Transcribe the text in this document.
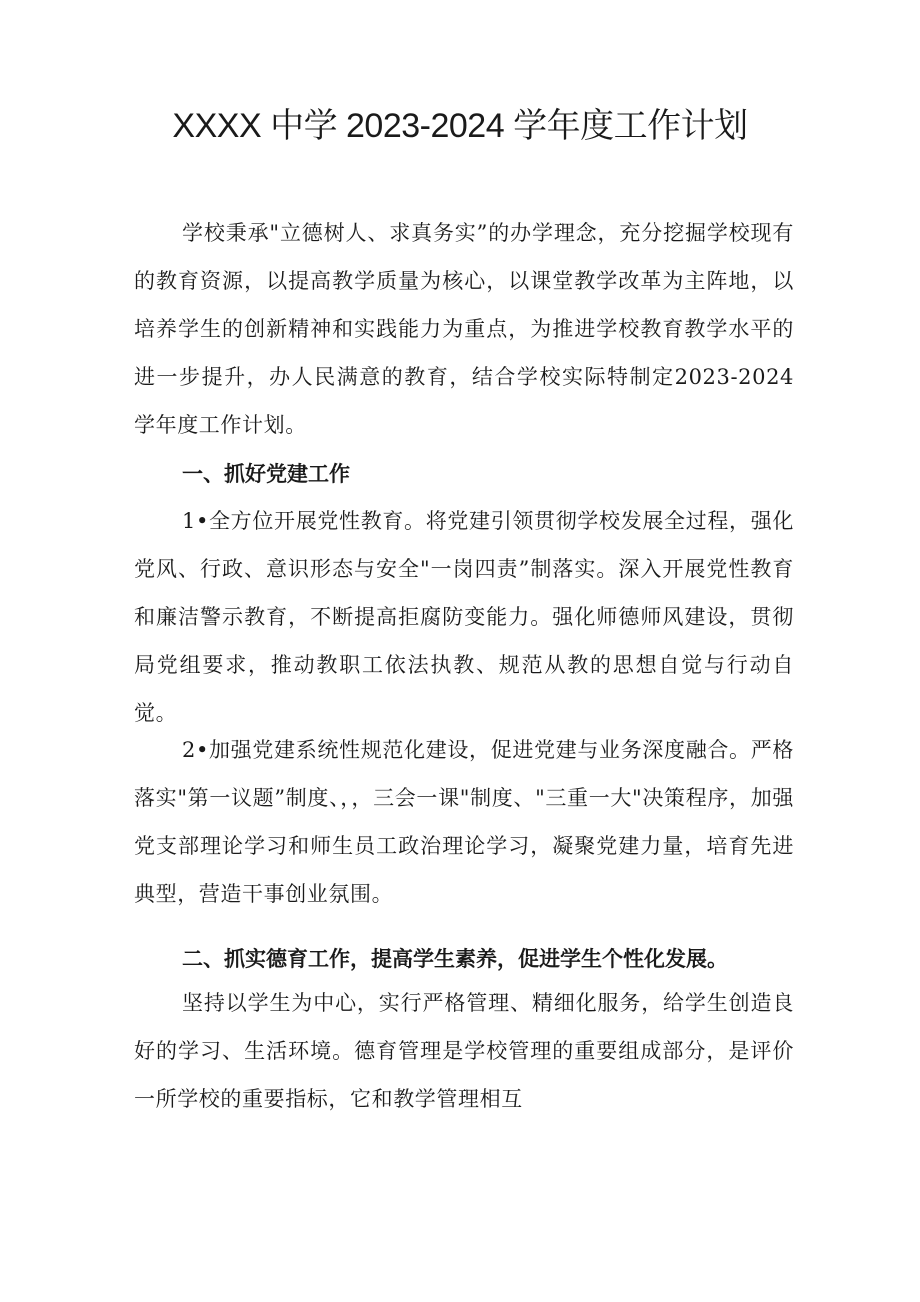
XXXX 中学 2023-2024 学年度工作计划

学校秉承"立德树人、求真务实”的办学理念，充分挖掘学校现有的教育资源，以提高教学质量为核心，以课堂教学改革为主阵地，以培养学生的创新精神和实践能力为重点，为推进学校教育教学水平的进一步提升，办人民满意的教育，结合学校实际特制定2023-2024 学年度工作计划。

一、抓好党建工作

1•全方位开展党性教育。将党建引领贯彻学校发展全过程，强化党风、行政、意识形态与安全"一岗四责”制落实。深入开展党性教育和廉洁警示教育，不断提高拒腐防变能力。强化师德师风建设，贯彻局党组要求，推动教职工依法执教、规范从教的思想自觉与行动自觉。

2•加强党建系统性规范化建设，促进党建与业务深度融合。严格落实"第一议题”制度、，，三会一课"制度、"三重一大"决策程序，加强党支部理论学习和师生员工政治理论学习，凝聚党建力量，培育先进典型，营造干事创业氛围。

二、抓实德育工作，提高学生素养，促进学生个性化发展。

坚持以学生为中心，实行严格管理、精细化服务，给学生创造良好的学习、生活环境。德育管理是学校管理的重要组成部分，是评价一所学校的重要指标，它和教学管理相互
